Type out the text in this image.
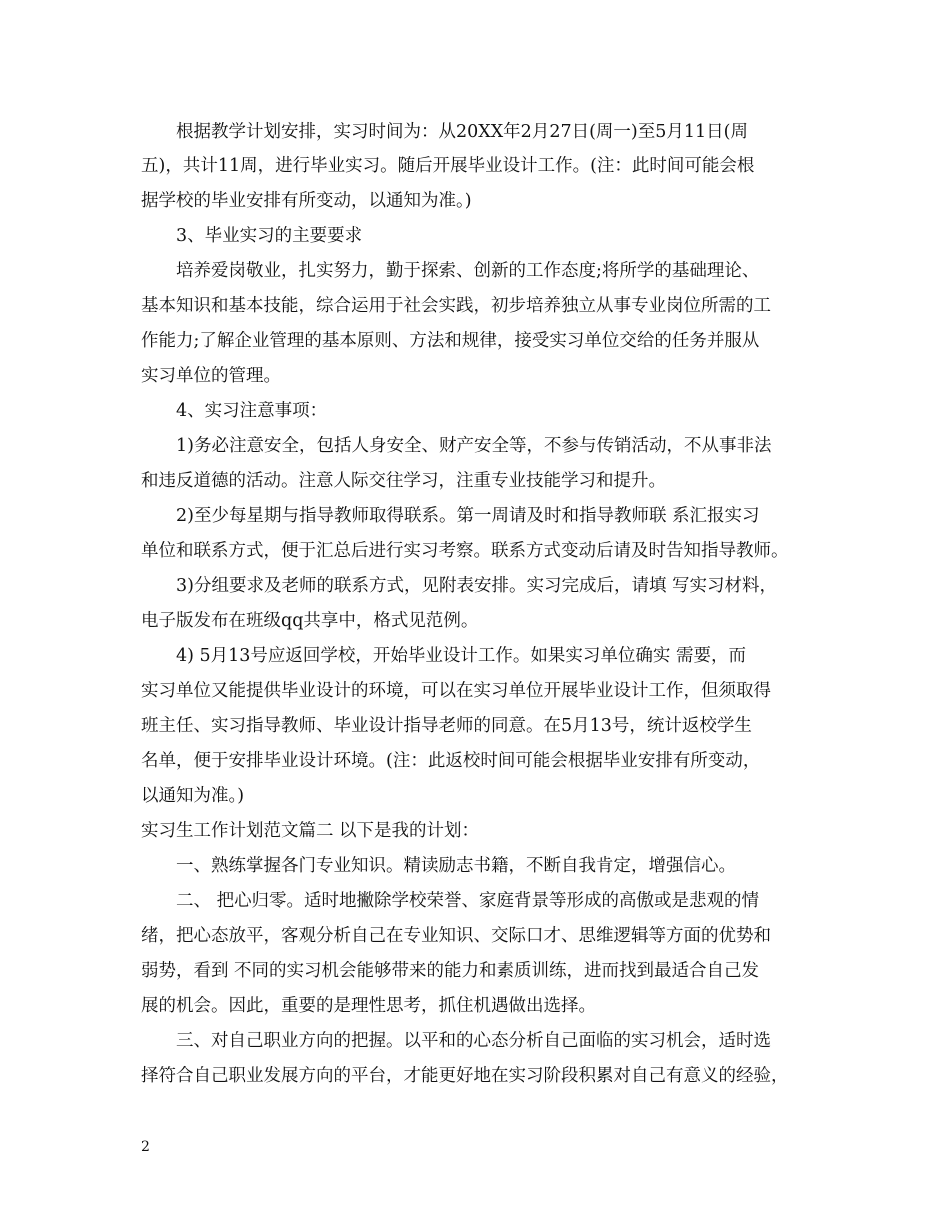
根据教学计划安排，实习时间为：从20XX年2月27日(周一)至5月11日(周
五)，共计11周，进行毕业实习。随后开展毕业设计工作。(注：此时间可能会根
据学校的毕业安排有所变动，以通知为准。)
3、毕业实习的主要要求
培养爱岗敬业，扎实努力，勤于探索、创新的工作态度;将所学的基础理论、
基本知识和基本技能，综合运用于社会实践，初步培养独立从事专业岗位所需的工
作能力;了解企业管理的基本原则、方法和规律，接受实习单位交给的任务并服从
实习单位的管理。
4、实习注意事项：
1)务必注意安全，包括人身安全、财产安全等，不参与传销活动，不从事非法
和违反道德的活动。注意人际交往学习，注重专业技能学习和提升。
2)至少每星期与指导教师取得联系。第一周请及时和指导教师联 系汇报实习
单位和联系方式，便于汇总后进行实习考察。联系方式变动后请及时告知指导教师。
3)分组要求及老师的联系方式，见附表安排。实习完成后，请填 写实习材料，
电子版发布在班级qq共享中，格式见范例。
4) 5月13号应返回学校，开始毕业设计工作。如果实习单位确实 需要，而
实习单位又能提供毕业设计的环境，可以在实习单位开展毕业设计工作，但须取得
班主任、实习指导教师、毕业设计指导老师的同意。在5月13号，统计返校学生
名单，便于安排毕业设计环境。(注：此返校时间可能会根据毕业安排有所变动，
以通知为准。)
实习生工作计划范文篇二 以下是我的计划：
一、熟练掌握各门专业知识。精读励志书籍，不断自我肯定，增强信心。
二、 把心归零。适时地撇除学校荣誉、家庭背景等形成的高傲或是悲观的情
绪，把心态放平，客观分析自己在专业知识、交际口才、思维逻辑等方面的优势和
弱势，看到 不同的实习机会能够带来的能力和素质训练，进而找到最适合自己发
展的机会。因此，重要的是理性思考，抓住机遇做出选择。
三、对自己职业方向的把握。以平和的心态分析自己面临的实习机会，适时选
择符合自己职业发展方向的平台，才能更好地在实习阶段积累对自己有意义的经验，
2
